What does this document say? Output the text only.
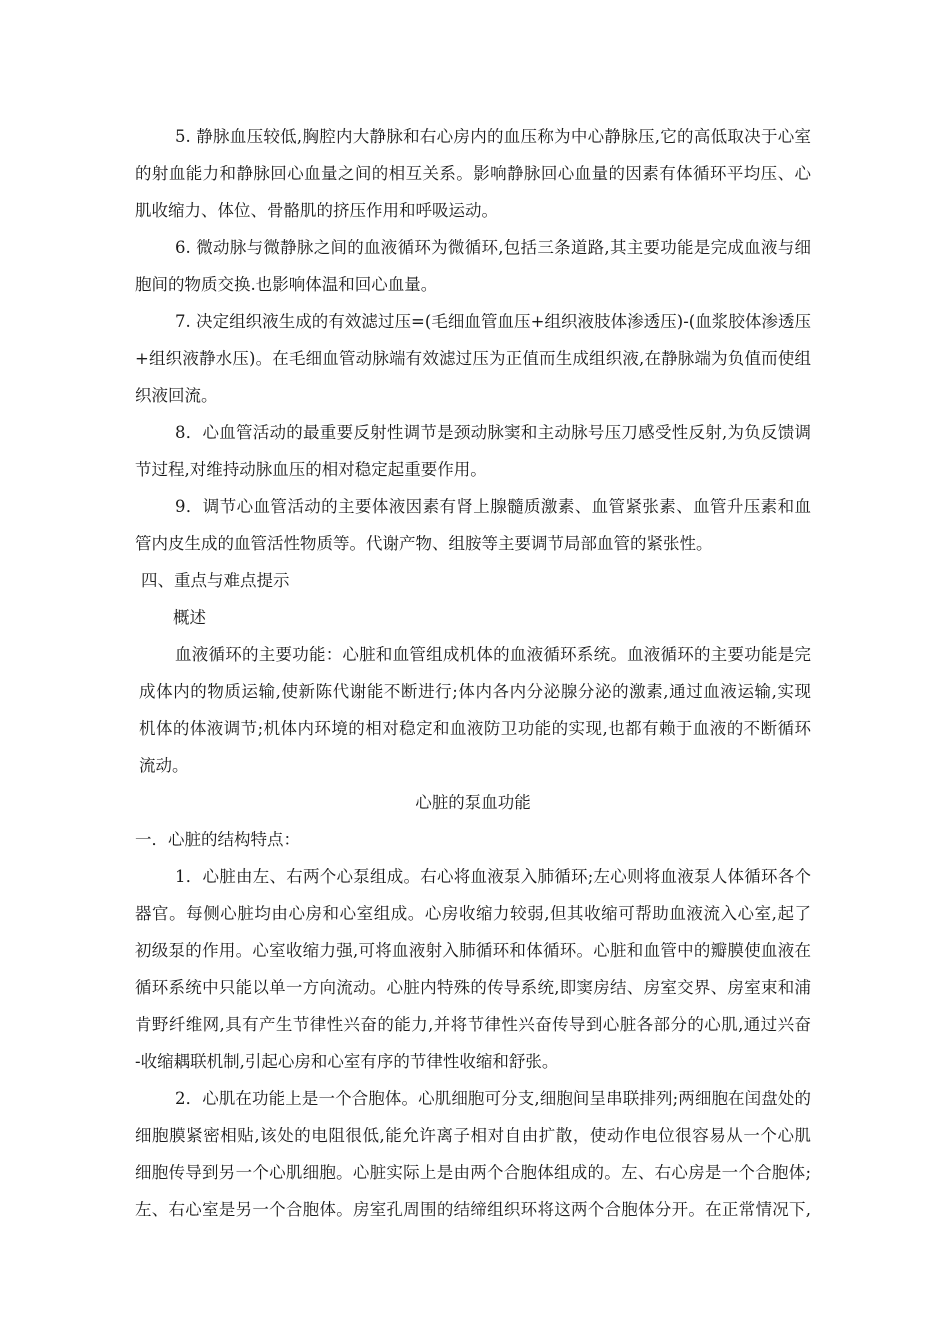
5. 静脉血压较低,胸腔内大静脉和右心房内的血压称为中心静脉压,它的高低取决于心室
的射血能力和静脉回心血量之间的相互关系。影响静脉回心血量的因素有体循环平均压、心
肌收缩力、体位、骨骼肌的挤压作用和呼吸运动。
6. 微动脉与微静脉之间的血液循环为微循环,包括三条道路,其主要功能是完成血液与细
胞间的物质交换.也影响体温和回心血量。
7. 决定组织液生成的有效滤过压=(毛细血管血压+组织液肢体渗透压)-(血浆胶体渗透压
+组织液静水压)。在毛细血管动脉端有效滤过压为正值而生成组织液,在静脉端为负值而使组
织液回流。
8．心血管活动的最重要反射性调节是颈动脉窦和主动脉号压刀感受性反射,为负反馈调
节过程,对维持动脉血压的相对稳定起重要作用。
9．调节心血管活动的主要体液因素有肾上腺髓质激素、血管紧张素、血管升压素和血
管内皮生成的血管活性物质等。代谢产物、组胺等主要调节局部血管的紧张性。

四、重点与难点提示

概述

血液循环的主要功能：心脏和血管组成机体的血液循环系统。血液循环的主要功能是完
成体内的物质运输,使新陈代谢能不断进行;体内各内分泌腺分泌的激素,通过血液运输,实现
机体的体液调节;机体内环境的相对稳定和血液防卫功能的实现,也都有赖于血液的不断循环
流动。

心脏的泵血功能

一．心脏的结构特点：

1．心脏由左、右两个心泵组成。右心将血液泵入肺循环;左心则将血液泵人体循环各个
器官。每侧心脏均由心房和心室组成。心房收缩力较弱,但其收缩可帮助血液流入心室,起了
初级泵的作用。心室收缩力强,可将血液射入肺循环和体循环。心脏和血管中的瓣膜使血液在
循环系统中只能以单一方向流动。心脏内特殊的传导系统,即窦房结、房室交界、房室束和浦
肯野纤维网,具有产生节律性兴奋的能力,并将节律性兴奋传导到心脏各部分的心肌,通过兴奋
-收缩耦联机制,引起心房和心室有序的节律性收缩和舒张。
2．心肌在功能上是一个合胞体。心肌细胞可分支,细胞间呈串联排列;两细胞在闰盘处的
细胞膜紧密相贴,该处的电阻很低,能允许离子相对自由扩散，使动作电位很容易从一个心肌
细胞传导到另一个心肌细胞。心脏实际上是由两个合胞体组成的。左、右心房是一个合胞体;
左、右心室是另一个合胞体。房室孔周围的结缔组织环将这两个合胞体分开。在正常情况下,
